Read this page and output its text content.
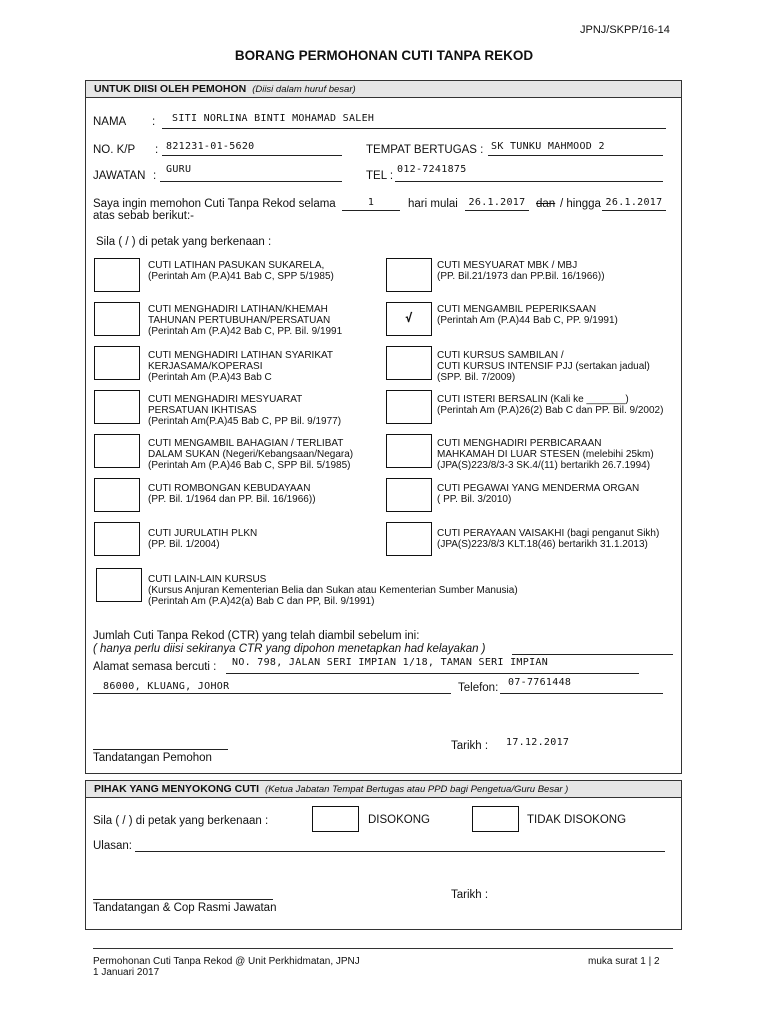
JPNJ/SKPP/16-14
BORANG PERMOHONAN CUTI TANPA REKOD
UNTUK DIISI OLEH PEMOHON (Diisi dalam huruf besar)
NAMA :	SITI NORLINA BINTI MOHAMAD SALEH
NO. K/P : 821231-01-5620	TEMPAT BERTUGAS : SK TUNKU MAHMOOD 2
JAWATAN :
GURU
TEL :
012-7241875
Saya ingin memohon Cuti Tanpa Rekod selama	1	hari mulai	26.1.2017 dan / hingga 26.1.2017
atas sebab berikut:-
Sila ( / ) di petak yang berkenaan :
CUTI LATIHAN PASUKAN SUKARELA,
(Perintah Am (P.A)41 Bab C, SPP 5/1985)
CUTI MENGHADIRI LATIHAN/KHEMAH
TAHUNAN PERTUBUHAN/PERSATUAN
(Perintah Am (P.A)42 Bab C, PP. Bil. 9/1991
CUTI MENGHADIRI LATIHAN SYARIKAT
KERJASAMA/KOPERASI
(Perintah Am (P.A)43 Bab C
CUTI MENGHADIRI MESYUARAT
PERSATUAN IKHTISAS
(Perintah Am(P.A)45 Bab C, PP Bil. 9/1977)
CUTI MENGAMBIL BAHAGIAN / TERLIBAT
DALAM SUKAN (Negeri/Kebangsaan/Negara)
(Perintah Am (P.A)46 Bab C, SPP Bil. 5/1985)
CUTI ROMBONGAN KEBUDAYAAN
(PP. Bil. 1/1964 dan PP. Bil. 16/1966))
CUTI JURULATIH PLKN
(PP. Bil. 1/2004)
CUTI LAIN-LAIN KURSUS
(Kursus Anjuran Kementerian Belia dan Sukan atau Kementerian Sumber Manusia)
(Perintah Am (P.A)42(a) Bab C dan PP, Bil. 9/1991)
CUTI MESYUARAT MBK / MBJ
(PP. Bil.21/1973 dan PP.Bil. 16/1966))
√
CUTI MENGAMBIL PEPERIKSAAN
(Perintah Am (P.A)44 Bab C, PP. 9/1991)
CUTI KURSUS SAMBILAN /
CUTI KURSUS INTENSIF PJJ (sertakan jadual)
(SPP. Bil. 7/2009)
CUTI ISTERI BERSALIN (Kali ke _______)
(Perintah Am (P.A)26(2) Bab C dan PP. Bil. 9/2002)
CUTI MENGHADIRI PERBICARAAN
MAHKAMAH DI LUAR STESEN (melebihi 25km)
(JPA(S)223/8/3-3 SK.4/(11) bertarikh 26.7.1994)
CUTI PEGAWAI YANG MENDERMA ORGAN
( PP. Bil. 3/2010)
CUTI PERAYAAN VAISAKHI (bagi penganut Sikh)
(JPA(S)223/8/3 KLT.18(46) bertarikh 31.1.2013)
Jumlah Cuti Tanpa Rekod (CTR) yang telah diambil sebelum ini:
( hanya perlu diisi sekiranya CTR yang dipohon menetapkan had kelayakan )
Alamat semasa bercuti :	NO. 798, JALAN SERI IMPIAN 1/18, TAMAN SERI IMPIAN
86000, KLUANG, JOHOR	Telefon: 07-7761448
Tandatangan Pemohon
Tarikh : 17.12.2017
PIHAK YANG MENYOKONG CUTI (Ketua Jabatan Tempat Bertugas atau PPD bagi Pengetua/Guru Besar )
Sila ( / ) di petak yang berkenaan :	DISOKONG	TIDAK DISOKONG
Ulasan:
Tandatangan & Cop Rasmi Jawatan
Tarikh :
Permohonan Cuti Tanpa Rekod @ Unit Perkhidmatan, JPNJ
1 Januari 2017
muka surat 1 | 2
